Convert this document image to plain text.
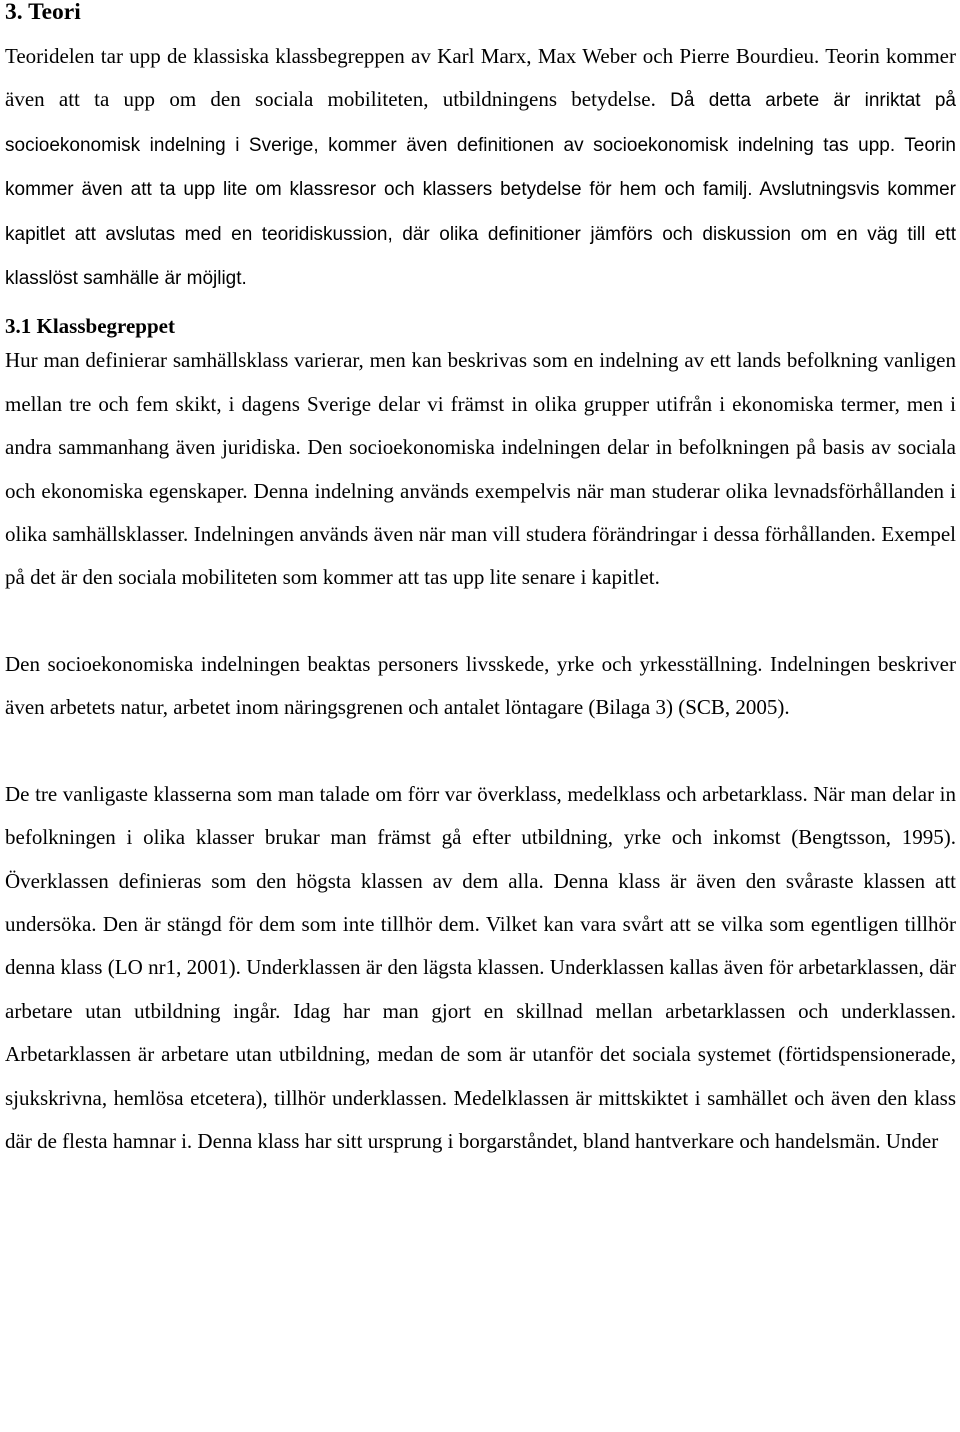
3. Teori

Teoridelen tar upp de klassiska klassbegreppen av Karl Marx, Max Weber och Pierre Bourdieu. Teorin kommer även att ta upp om den sociala mobiliteten, utbildningens betydelse. Då detta arbete är inriktat på socioekonomisk indelning i Sverige, kommer även definitionen av socioekonomisk indelning tas upp. Teorin kommer även att ta upp lite om klassresor och klassers betydelse för hem och familj. Avslutningsvis kommer kapitlet att avslutas med en teoridiskussion, där olika definitioner jämförs och diskussion om en väg till ett klasslöst samhälle är möjligt.

3.1 Klassbegreppet

Hur man definierar samhällsklass varierar, men kan beskrivas som en indelning av ett lands befolkning vanligen mellan tre och fem skikt, i dagens Sverige delar vi främst in olika grupper utifrån i ekonomiska termer, men i andra sammanhang även juridiska. Den socioekonomiska indelningen delar in befolkningen på basis av sociala och ekonomiska egenskaper. Denna indelning används exempelvis när man studerar olika levnadsförhållanden i olika samhällsklasser. Indelningen används även när man vill studera förändringar i dessa förhållanden. Exempel på det är den sociala mobiliteten som kommer att tas upp lite senare i kapitlet.

Den socioekonomiska indelningen beaktas personers livsskede, yrke och yrkesställning. Indelningen beskriver även arbetets natur, arbetet inom näringsgrenen och antalet löntagare (Bilaga 3) (SCB, 2005).

De tre vanligaste klasserna som man talade om förr var överklass, medelklass och arbetarklass. När man delar in befolkningen i olika klasser brukar man främst gå efter utbildning, yrke och inkomst (Bengtsson, 1995). Överklassen definieras som den högsta klassen av dem alla. Denna klass är även den svåraste klassen att undersöka. Den är stängd för dem som inte tillhör dem. Vilket kan vara svårt att se vilka som egentligen tillhör denna klass (LO nr1, 2001). Underklassen är den lägsta klassen. Underklassen kallas även för arbetarklassen, där arbetare utan utbildning ingår. Idag har man gjort en skillnad mellan arbetarklassen och underklassen. Arbetarklassen är arbetare utan utbildning, medan de som är utanför det sociala systemet (förtidspensionerade, sjukskrivna, hemlösa etcetera), tillhör underklassen. Medelklassen är mittskiktet i samhället och även den klass där de flesta hamnar i. Denna klass har sitt ursprung i borgarståndet, bland hantverkare och handelsmän. Under
